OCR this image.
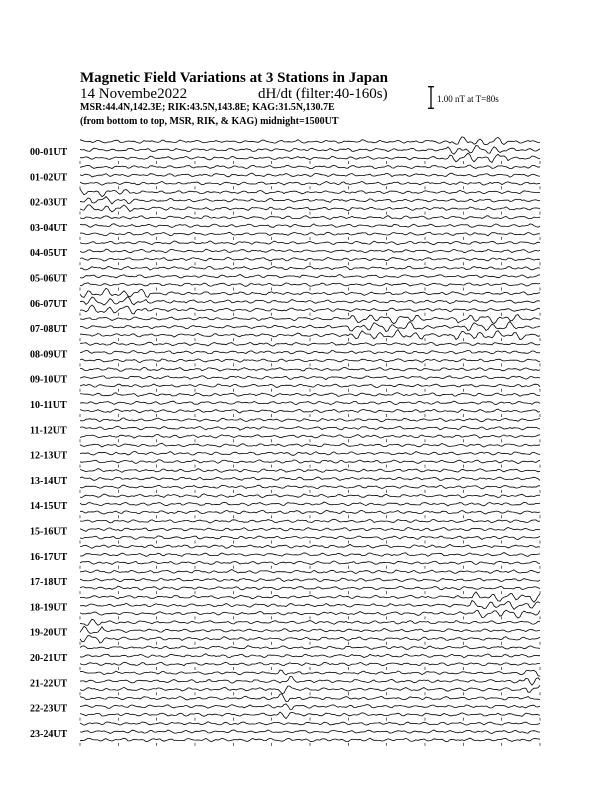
Magnetic Field Variations at 3 Stations in Japan
14 Novembe2022	dH/dt (filter:40-160s)
MSR:44.4N,142.3E; RIK:43.5N,143.8E; KAG:31.5N,130.7E
(from bottom to top, MSR, RIK, & KAG) midnight=1500UT
1.00 nT at T=80s
00-01UT
01-02UT
02-03UT
03-04UT
04-05UT
05-06UT
06-07UT
07-08UT
08-09UT
09-10UT
10-11UT
11-12UT
12-13UT
13-14UT
14-15UT
15-16UT
16-17UT
17-18UT
18-19UT
19-20UT
20-21UT
21-22UT
22-23UT
23-24UT
